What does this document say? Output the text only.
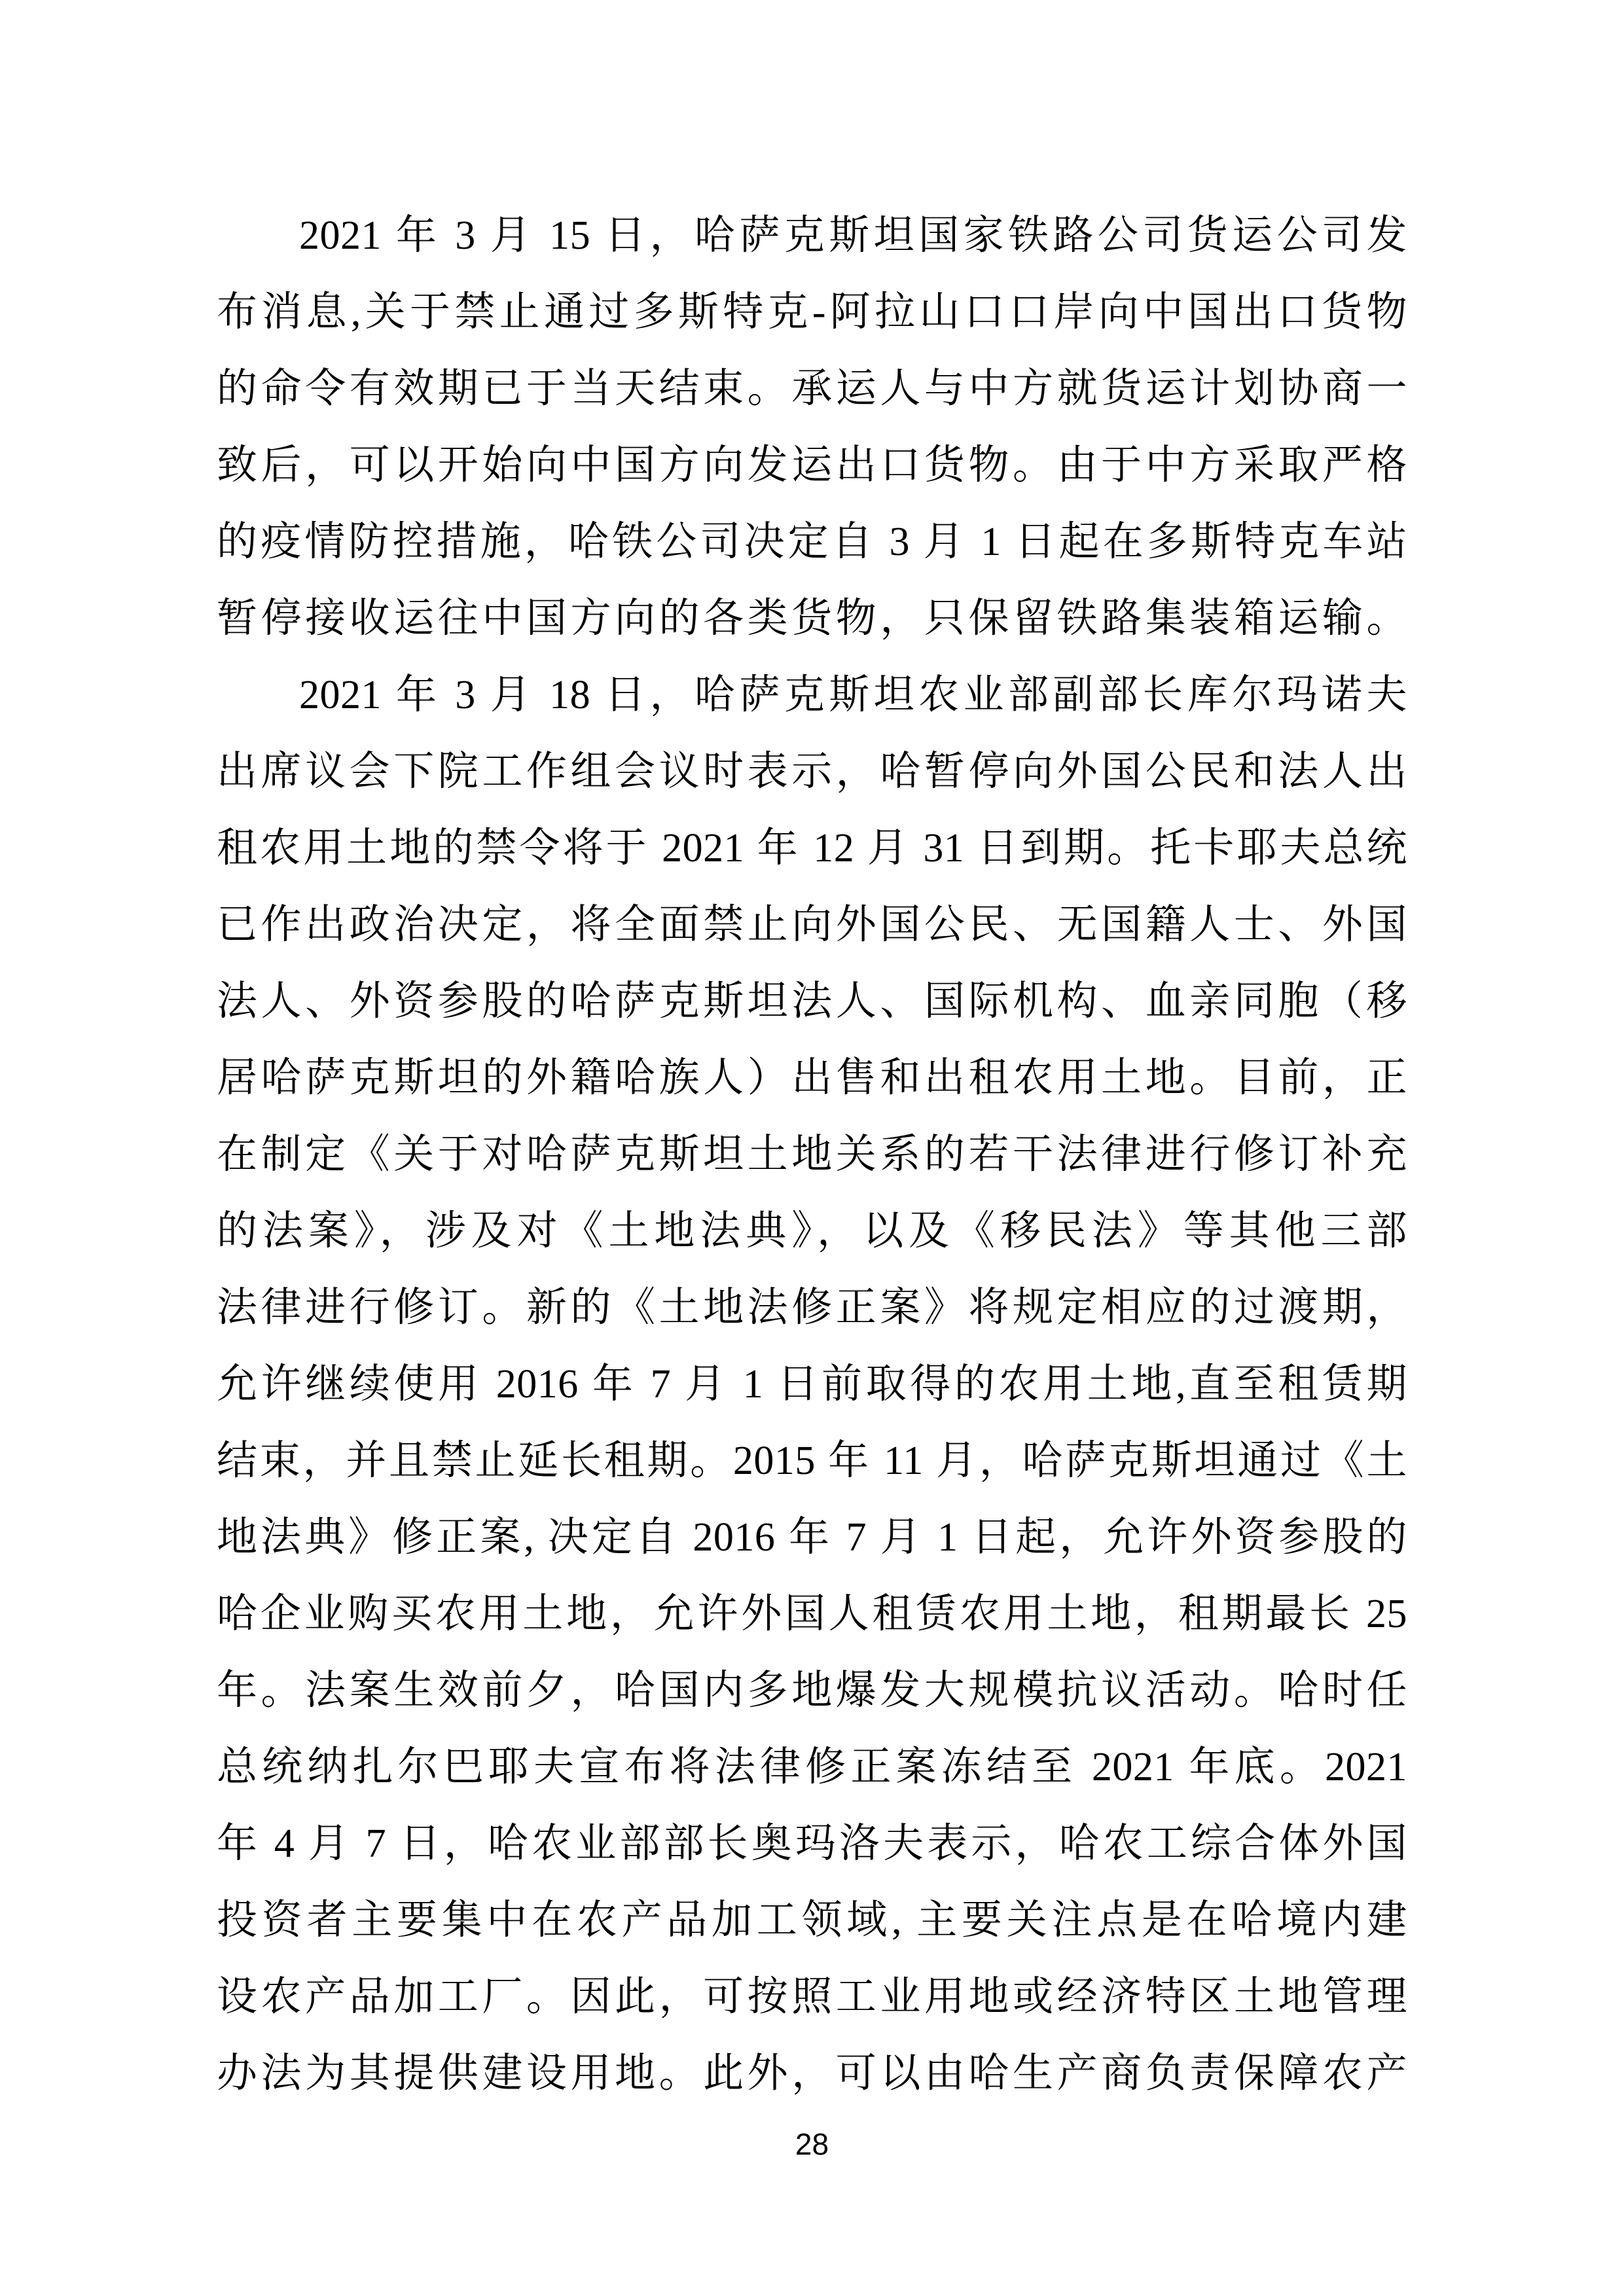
2021 年 3 月 15 日，哈萨克斯坦国家铁路公司货运公司发
布消息,关于禁止通过多斯特克-阿拉山口口岸向中国出口货物
的命令有效期已于当天结束。承运人与中方就货运计划协商一
致后，可以开始向中国方向发运出口货物。由于中方采取严格
的疫情防控措施，哈铁公司决定自 3 月 1 日起在多斯特克车站
暂停接收运往中国方向的各类货物，只保留铁路集装箱运输。
2021 年 3 月 18 日，哈萨克斯坦农业部副部长库尔玛诺夫
出席议会下院工作组会议时表示，哈暂停向外国公民和法人出
租农用土地的禁令将于 2021 年 12 月 31 日到期。托卡耶夫总统
已作出政治决定，将全面禁止向外国公民、无国籍人士、外国
法人、外资参股的哈萨克斯坦法人、国际机构、血亲同胞（移
居哈萨克斯坦的外籍哈族人）出售和出租农用土地。目前，正
在制定《关于对哈萨克斯坦土地关系的若干法律进行修订补充
的法案》，涉及对《土地法典》，以及《移民法》等其他三部
法律进行修订。新的《土地法修正案》将规定相应的过渡期，
允许继续使用 2016 年 7 月 1 日前取得的农用土地,直至租赁期
结束，并且禁止延长租期。2015 年 11 月，哈萨克斯坦通过《土
地法典》修正案, 决定自 2016 年 7 月 1 日起，允许外资参股的
哈企业购买农用土地，允许外国人租赁农用土地，租期最长 25
年。法案生效前夕，哈国内多地爆发大规模抗议活动。哈时任
总统纳扎尔巴耶夫宣布将法律修正案冻结至 2021 年底。2021
年 4 月 7 日，哈农业部部长奥玛洛夫表示，哈农工综合体外国
投资者主要集中在农产品加工领域, 主要关注点是在哈境内建
设农产品加工厂。因此，可按照工业用地或经济特区土地管理
办法为其提供建设用地。此外，可以由哈生产商负责保障农产
28
